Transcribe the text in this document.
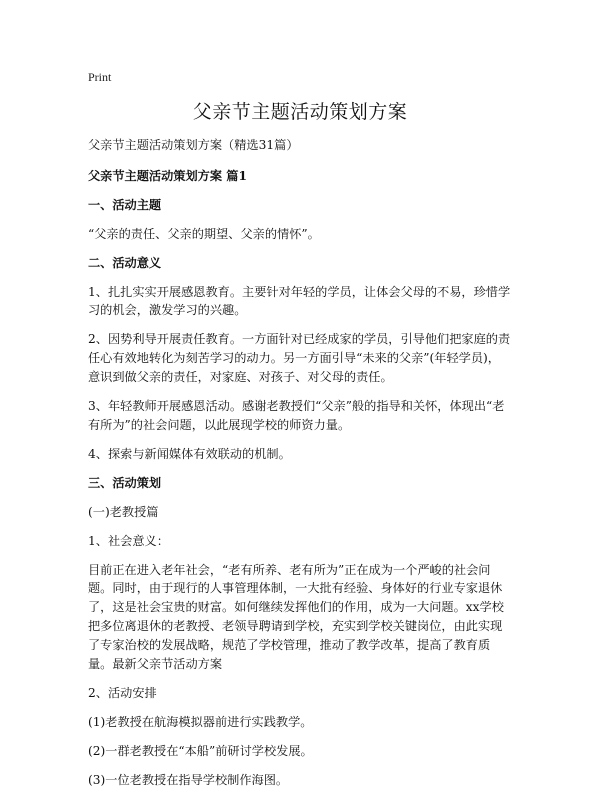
Print
父亲节主题活动策划方案

父亲节主题活动策划方案（精选31篇）

父亲节主题活动策划方案 篇1

一、活动主题

“父亲的责任、父亲的期望、父亲的情怀”。

二、活动意义

1、扎扎实实开展感恩教育。主要针对年轻的学员，让体会父母的不易，珍惜学习的机会，激发学习的兴趣。

2、因势利导开展责任教育。一方面针对已经成家的学员，引导他们把家庭的责任心有效地转化为刻苦学习的动力。另一方面引导“未来的父亲”(年轻学员)，意识到做父亲的责任，对家庭、对孩子、对父母的责任。

3、年轻教师开展感恩活动。感谢老教授们“父亲”般的指导和关怀，体现出“老有所为”的社会问题，以此展现学校的师资力量。

4、探索与新闻媒体有效联动的机制。

三、活动策划

(一)老教授篇

1、社会意义：

目前正在进入老年社会，“老有所养、老有所为”正在成为一个严峻的社会问题。同时，由于现行的人事管理体制，一大批有经验、身体好的行业专家退休了，这是社会宝贵的财富。如何继续发挥他们的作用，成为一大问题。xx学校把多位离退休的老教授、老领导聘请到学校，充实到学校关键岗位，由此实现了专家治校的发展战略，规范了学校管理，推动了教学改革，提高了教育质量。最新父亲节活动方案

2、活动安排

(1)老教授在航海模拟器前进行实践教学。

(2)一群老教授在“本船”前研讨学校发展。

(3)一位老教授在指导学校制作海图。
